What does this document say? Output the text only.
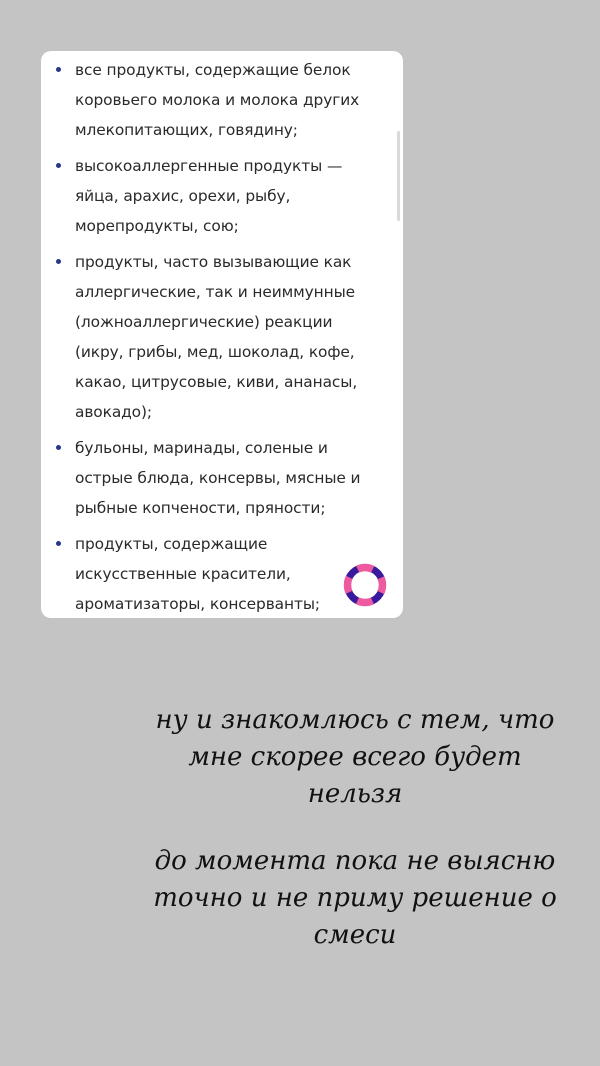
все продукты, содержащие белок коровьего молока и молока других млекопитающих, говядину;
высокоаллергенные продукты — яйца, арахис, орехи, рыбу, морепродукты, сою;
продукты, часто вызывающие как аллергические, так и неиммунные (ложноаллергические) реакции (икру, грибы, мед, шоколад, кофе, какао, цитрусовые, киви, ананасы, авокадо);
бульоны, маринады, соленые и острые блюда, консервы, мясные и рыбные копчености, пряности;
продукты, содержащие искусственные красители, ароматизаторы, консерванты;

ну и знакомлюсь с тем, что мне скорее всего будет нельзя

до момента пока не выясню точно и не приму решение о смеси
